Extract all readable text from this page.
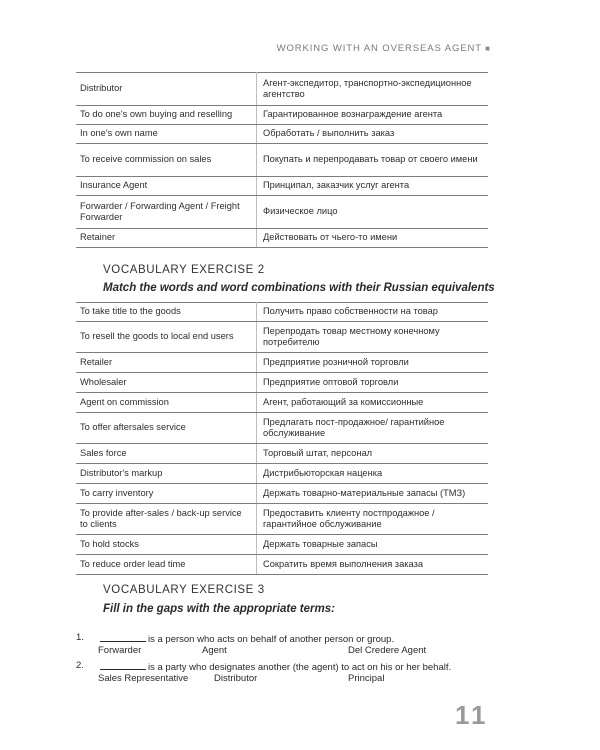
WORKING WITH AN OVERSEAS AGENT ■
Distributor	Агент-экспедитор, транспортно-экспедиционное агентство
To do one's own buying and reselling	Гарантированное вознаграждение агента
In one's own name	Обработать / выполнить заказ
To receive commission on sales	Покупать и перепродавать товар от своего имени
Insurance Agent	Принципал, заказчик услуг агента
Forwarder / Forwarding Agent / Freight Forwarder	Физическое лицо
Retainer	Действовать от чьего-то имени
VOCABULARY EXERCISE 2
Match the words and word combinations with their Russian equivalents
To take title to the goods	Получить право собственности на товар
To resell the goods to local end users	Перепродать товар местному конечному потребителю
Retailer	Предприятие розничной торговли
Wholesaler	Предприятие оптовой торговли
Agent on commission	Агент, работающий за комиссионные
To offer aftersales service	Предлагать пост-продажное/ гарантийное обслуживание
Sales force	Торговый штат, персонал
Distributor's markup	Дистрибьюторская наценка
To carry inventory	Держать товарно-материальные запасы (ТМЗ)
To provide after-sales / back-up service to clients	Предоставить клиенту постпродажное / гарантийное обслуживание
To hold stocks	Держать товарные запасы
To reduce order lead time	Сократить время выполнения заказа
VOCABULARY EXERCISE 3
Fill in the gaps with the appropriate terms:
1.	is a person who acts on behalf of another person or group.
Forwarder	Agent	Del Credere Agent
2.	is a party who designates another (the agent) to act on his or her behalf.
Sales Representative	Distributor	Principal
11
